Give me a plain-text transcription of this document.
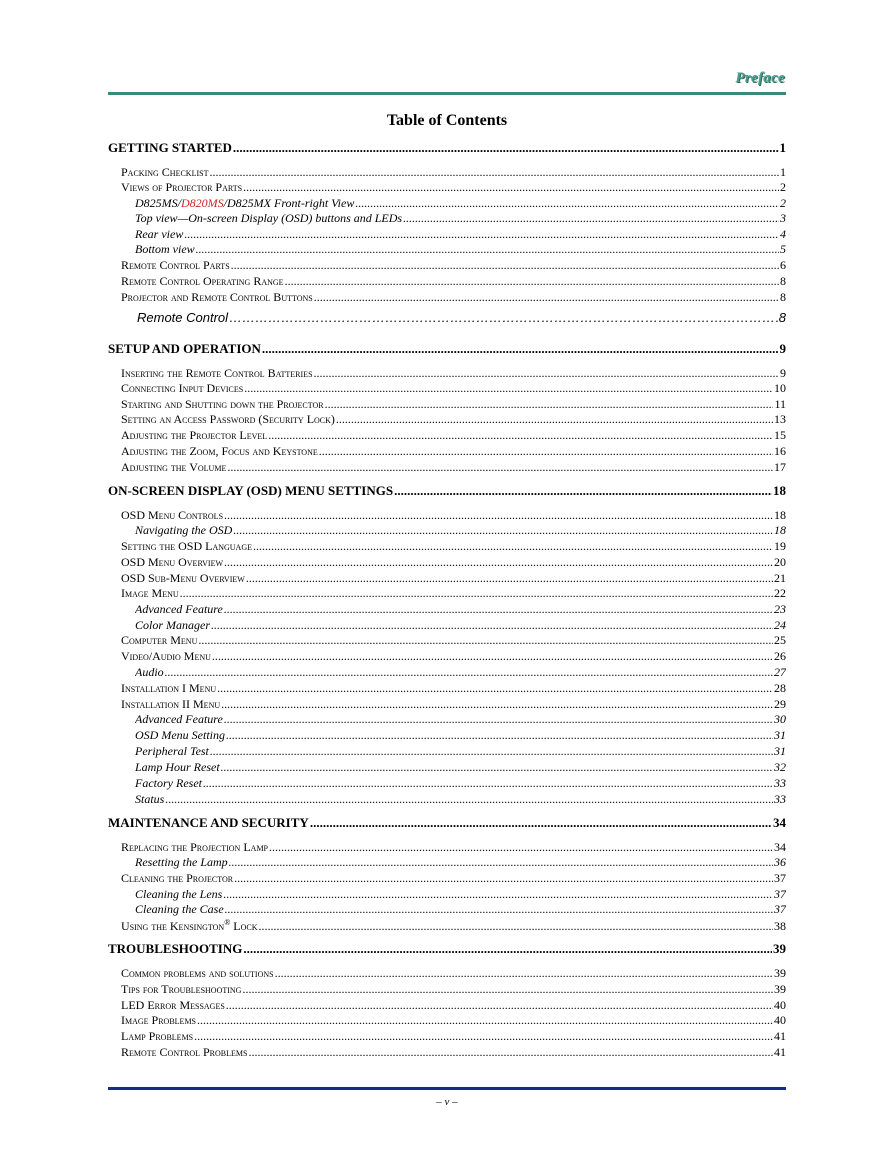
Preface
Table of Contents
GETTING STARTED .....	1
Packing Checklist .....	1
Views of Projector Parts .....	2
D825MS/D820MS/D825MX Front-right View .....	2
Top view—On-screen Display (OSD) buttons and LEDs .....	3
Rear view .....	4
Bottom view .....	5
Remote Control Parts .....	6
Remote Control Operating Range .....	8
Projector and Remote Control Buttons .....	8
Remote Control ……………………………………………………………………………………………………………………………………………………………………………………………………………………………………………	8
SETUP AND OPERATION .....	9
Inserting the Remote Control Batteries .....	9
Connecting Input Devices .....	10
Starting and Shutting down the Projector .....	11
Setting an Access Password (Security Lock) .....	13
Adjusting the Projector Level .....	15
Adjusting the Zoom, Focus and Keystone .....	16
Adjusting the Volume .....	17
ON-SCREEN DISPLAY (OSD) MENU SETTINGS .....	18
OSD Menu Controls .....	18
Navigating the OSD .....	18
Setting the OSD Language .....	19
OSD Menu Overview .....	20
OSD Sub-Menu Overview .....	21
Image Menu .....	22
Advanced Feature .....	23
Color Manager .....	24
Computer Menu .....	25
Video/Audio Menu .....	26
Audio .....	27
Installation I Menu .....	28
Installation II Menu .....	29
Advanced Feature .....	30
OSD Menu Setting .....	31
Peripheral Test .....	31
Lamp Hour Reset .....	32
Factory Reset .....	33
Status .....	33
MAINTENANCE AND SECURITY .....	34
Replacing the Projection Lamp .....	34
Resetting the Lamp .....	36
Cleaning the Projector .....	37
Cleaning the Lens .....	37
Cleaning the Case .....	37
Using the Kensington® Lock .....	38
TROUBLESHOOTING .....	39
Common problems and solutions .....	39
Tips for Troubleshooting .....	39
LED Error Messages .....	40
Image Problems .....	40
Lamp Problems .....	41
Remote Control Problems .....	41
– v –
